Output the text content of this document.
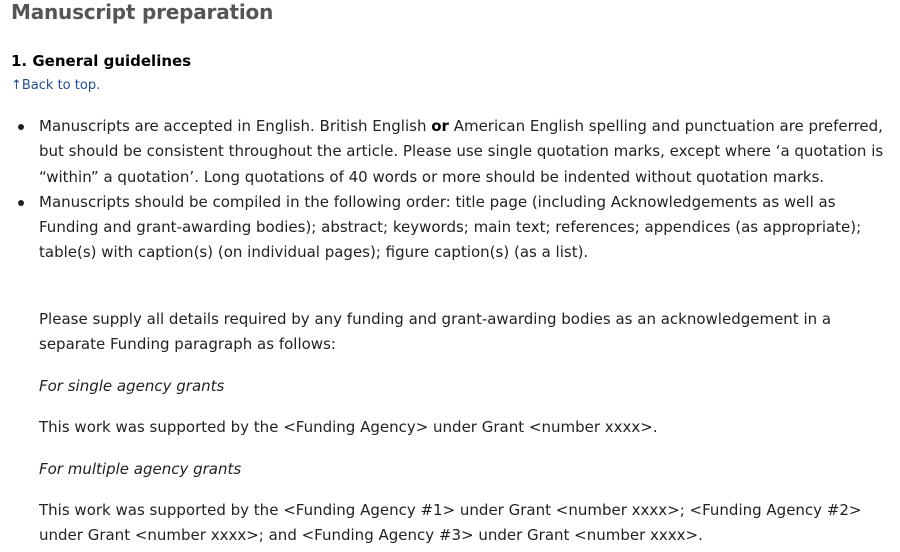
Manuscript preparation
1. General guidelines
↑Back to top.
Manuscripts are accepted in English. British English or American English spelling and punctuation are preferred, but should be consistent throughout the article. Please use single quotation marks, except where ‘a quotation is “within” a quotation’. Long quotations of 40 words or more should be indented without quotation marks.
Manuscripts should be compiled in the following order: title page (including Acknowledgements as well as Funding and grant-awarding bodies); abstract; keywords; main text; references; appendices (as appropriate); table(s) with caption(s) (on individual pages); figure caption(s) (as a list).

Please supply all details required by any funding and grant-awarding bodies as an acknowledgement in a separate Funding paragraph as follows:

For single agency grants

This work was supported by the <Funding Agency> under Grant <number xxxx>.

For multiple agency grants

This work was supported by the <Funding Agency #1> under Grant <number xxxx>; <Funding Agency #2> under Grant <number xxxx>; and <Funding Agency #3> under Grant <number xxxx>.
